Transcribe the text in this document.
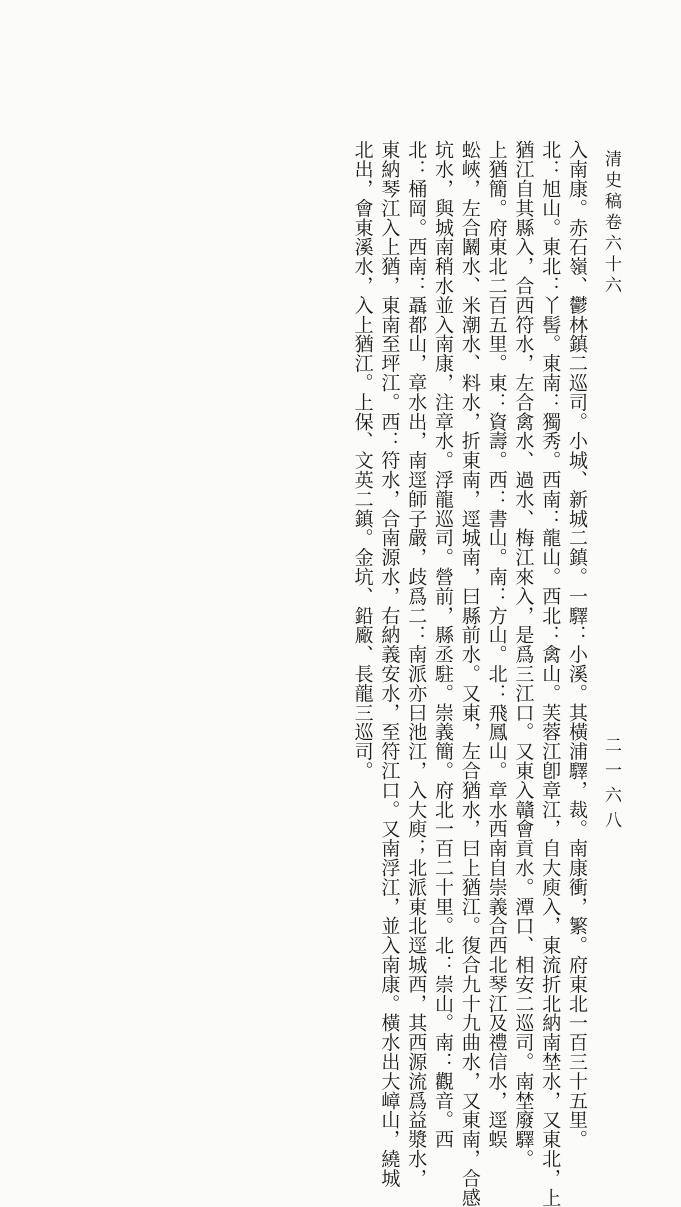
清史稿卷六十六
二一六八
入南康。赤石嶺、鬱林鎮二巡司。小城、新城二鎮。一驛：小溪。其橫浦驛，裁。南康衝，繁。府東北一百三十五里。
北：旭山。東北：丫髻。東南：獨秀。西南：龍山。西北：禽山。芙蓉江卽章江，自大庾入，東流折北納南埜水，又東北，上
猶江自其縣入，合西符水，左合禽水、過水、梅江來入，是爲三江口。又東入贛會貢水。潭口、相安二巡司。南埜廢驛。
上猶簡。府東北二百五里。東：資壽。西：書山。南：方山。北：飛鳳山。章水西南自崇義合西北琴江及禮信水，逕蜈
蚣峽，左合鬫水、米潮水、料水，折東南，逕城南，曰縣前水。又東，左合猶水，曰上猶江。復合九十九曲水，又東南，合感
坑水，與城南稍水並入南康，注章水。浮龍巡司。營前，縣丞駐。崇義簡。府北一百二十里。北：崇山。南：觀音。西
北：桶岡。西南：聶都山，章水出，南逕師子嚴，歧爲二：南派亦曰池江，入大庾；北派東北逕城西，其西源流爲益漿水，
東納琴江入上猶，東南至坪江。西：符水，合南源水，右納義安水，至符江口。又南浮江，並入南康。橫水出大嶂山，繞城
北出，會東溪水，入上猶江。上保、文英二鎮。金坑、鉛廠、長龍三巡司。
